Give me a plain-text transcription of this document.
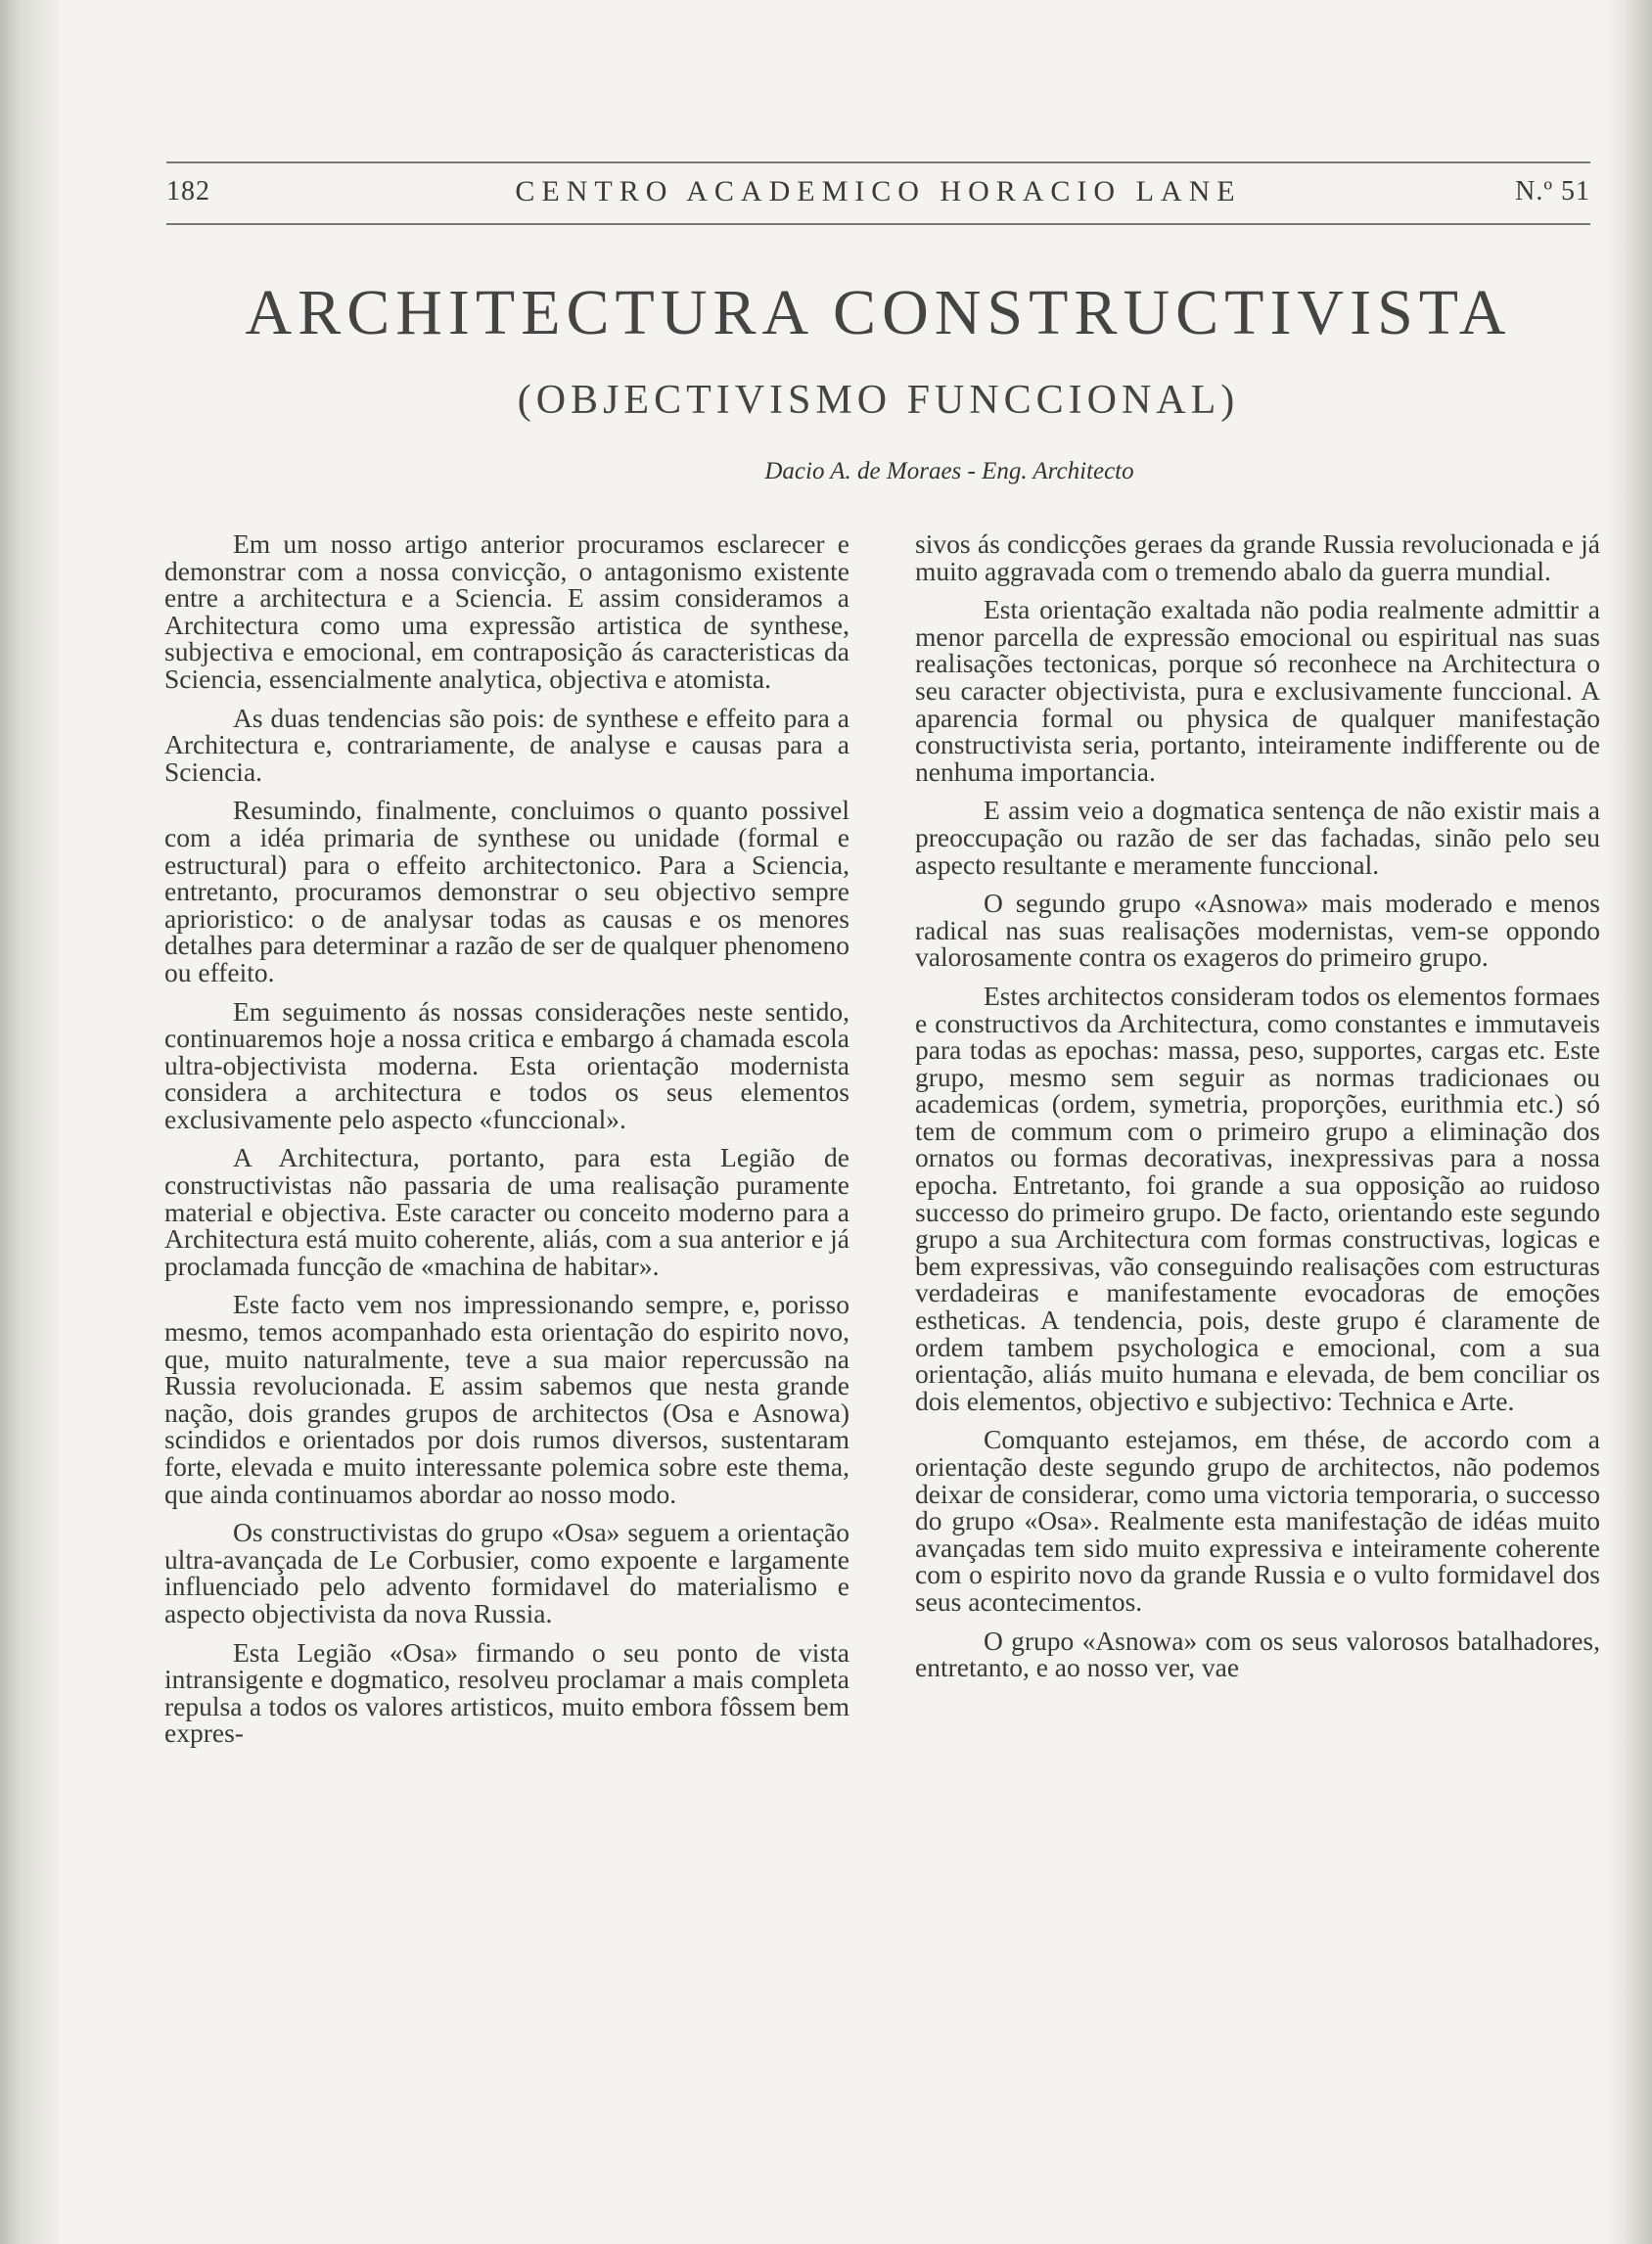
182	CENTRO ACADEMICO HORACIO LANE	N.º 51
ARCHITECTURA CONSTRUCTIVISTA
(OBJECTIVISMO FUNCCIONAL)
Dacio A. de Moraes - Eng. Architecto

Em um nosso artigo anterior procuramos esclarecer e demonstrar com a nossa convicção, o antagonismo existente entre a architectura e a Sciencia. E assim consideramos a Architectura como uma expressão artistica de synthese, subjectiva e emocional, em contraposição ás caracteristicas da Sciencia, essencialmente analytica, objectiva e atomista.

As duas tendencias são pois: de synthese e effeito para a Architectura e, contrariamente, de analyse e causas para a Sciencia.

Resumindo, finalmente, concluimos o quanto possivel com a idéa primaria de synthese ou unidade (formal e estructural) para o effeito architectonico. Para a Sciencia, entretanto, procuramos demonstrar o seu objectivo sempre aprioristico: o de analysar todas as causas e os menores detalhes para determinar a razão de ser de qualquer phenomeno ou effeito.

Em seguimento ás nossas considerações neste sentido, continuaremos hoje a nossa critica e embargo á chamada escola ultra-objectivista moderna. Esta orientação modernista considera a architectura e todos os seus elementos exclusivamente pelo aspecto «funccional».

A Architectura, portanto, para esta Legião de constructivistas não passaria de uma realisação puramente material e objectiva. Este caracter ou conceito moderno para a Architectura está muito coherente, aliás, com a sua anterior e já proclamada funcção de «machina de habitar».

Este facto vem nos impressionando sempre, e, porisso mesmo, temos acompanhado esta orientação do espirito novo, que, muito naturalmente, teve a sua maior repercussão na Russia revolucionada. E assim sabemos que nesta grande nação, dois grandes grupos de architectos (Osa e Asnowa) scindidos e orientados por dois rumos diversos, sustentaram forte, elevada e muito interessante polemica sobre este thema, que ainda continuamos abordar ao nosso modo.

Os constructivistas do grupo «Osa» seguem a orientação ultra-avançada de Le Corbusier, como expoente e largamente influenciado pelo advento formidavel do materialismo e aspecto objectivista da nova Russia.

Esta Legião «Osa» firmando o seu ponto de vista intransigente e dogmatico, resolveu proclamar a mais completa repulsa a todos os valores artisticos, muito embora fôssem bem expres-

sivos ás condicções geraes da grande Russia revolucionada e já muito aggravada com o tremendo abalo da guerra mundial.

Esta orientação exaltada não podia realmente admittir a menor parcella de expressão emocional ou espiritual nas suas realisações tectonicas, porque só reconhece na Architectura o seu caracter objectivista, pura e exclusivamente funccional. A aparencia formal ou physica de qualquer manifestação constructivista seria, portanto, inteiramente indifferente ou de nenhuma importancia.

E assim veio a dogmatica sentença de não existir mais a preoccupação ou razão de ser das fachadas, sinão pelo seu aspecto resultante e meramente funccional.

O segundo grupo «Asnowa» mais moderado e menos radical nas suas realisações modernistas, vem-se oppondo valorosamente contra os exageros do primeiro grupo.

Estes architectos consideram todos os elementos formaes e constructivos da Architectura, como constantes e immutaveis para todas as epochas: massa, peso, supportes, cargas etc. Este grupo, mesmo sem seguir as normas tradicionaes ou academicas (ordem, symetria, proporções, eurithmia etc.) só tem de commum com o primeiro grupo a eliminação dos ornatos ou formas decorativas, inexpressivas para a nossa epocha. Entretanto, foi grande a sua opposição ao ruidoso successo do primeiro grupo. De facto, orientando este segundo grupo a sua Architectura com formas constructivas, logicas e bem expressivas, vão conseguindo realisações com estructuras verdadeiras e manifestamente evocadoras de emoções estheticas. A tendencia, pois, deste grupo é claramente de ordem tambem psychologica e emocional, com a sua orientação, aliás muito humana e elevada, de bem conciliar os dois elementos, objectivo e subjectivo: Technica e Arte.

Comquanto estejamos, em thése, de accordo com a orientação deste segundo grupo de architectos, não podemos deixar de considerar, como uma victoria temporaria, o successo do grupo «Osa». Realmente esta manifestação de idéas muito avançadas tem sido muito expressiva e inteiramente coherente com o espirito novo da grande Russia e o vulto formidavel dos seus acontecimentos.

O grupo «Asnowa» com os seus valorosos batalhadores, entretanto, e ao nosso ver, vae
